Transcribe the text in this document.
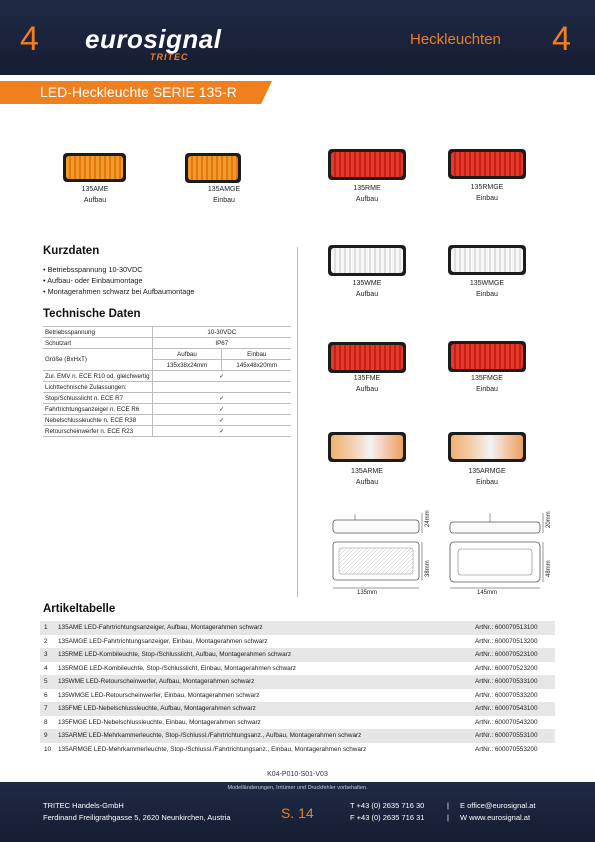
4 eurosignal
TRITEC
Heckleuchten 4
LED-Heckleuchte SERIE 135-R
135AME
Aufbau
135AMGE
Einbau
135RME
Aufbau
135RMGE
Einbau
135WME
Aufbau
135WMGE
Einbau
135FME
Aufbau
135FMGE
Einbau
135ARME
Aufbau
135ARMGE
Einbau
Kurzdaten
• Betriebsspannung 10-30VDC
• Aufbau- oder Einbaumontage
• Montagerahmen schwarz bei Aufbaumontage
Technische Daten
Betriebsspannung	10-30VDC	
Schutzart	IP67	
Größe (BxHxT)	Aufbau	Einbau
	135x38x24mm	145x48x20mm
Zul. EMV n. ECE R10 od. gleichwertig	✓	
Lichttechnische Zulassungen:		
Stop/Schlusslicht n. ECE R7	✓	
Fahrtrichtungsanzeiger n. ECE R6	✓	
Nebelschlussleuchte n. ECE R38	✓	
Retourscheinwerfer n. ECE R23	✓	
24mm
38mm
135mm
20mm
48mm
145mm
Artikeltabelle
1 135AME LED-Fahrtrichtungsanzeiger, Aufbau, Montagerahmen schwarz	ArtNr.: 600070513100
2 135AMGE LED-Fahrtrichtungsanzeiger, Einbau, Montagerahmen schwarz	ArtNr.: 600070513200
3 135RME LED-Kombileuchte, Stop-/Schlusslicht, Aufbau, Montagerahmen schwarz	ArtNr.: 600070523100
4 135RMGE LED-Kombileuchte, Stop-/Schlusslicht, Einbau, Montagerahmen schwarz	ArtNr.: 600070523200
5 135WME LED-Retourscheinwerfer, Aufbau, Montagerahmen schwarz	ArtNr.: 600070533100
6 135WMGE LED-Retourscheinwerfer, Einbau, Montagerahmen schwarz	ArtNr.: 600070533200
7 135FME LED-Nebelschlussleuchte, Aufbau, Montagerahmen schwarz	ArtNr.: 600070543100
8 135FMGE LED-Nebelschlussleuchte, Einbau, Montagerahmen schwarz	ArtNr.: 600070543200
9 135ARME LED-Mehrkammerleuchte, Stop-/Schlussl./Fahrtrichtungsanz., Aufbau, Montagerahmen schwarz	ArtNr.: 600070553100
10 135ARMGE LED-Mehrkammerleuchte, Stop-/Schlussl./Fahrtrichtungsanz., Einbau, Montagerahmen schwarz	ArtNr.: 600070553200
K04-P010-S01-V03
Modelländerungen, Irrtümer und Druckfehler vorbehalten.
TRITEC Handels-GmbH
Ferdinand Freiligrathgasse 5, 2620 Neunkirchen, Austria	S. 14	T +43 (0) 2635 716 30
F +43 (0) 2635 716 31
|
|
E office@eurosignal.at
W www.eurosignal.at
